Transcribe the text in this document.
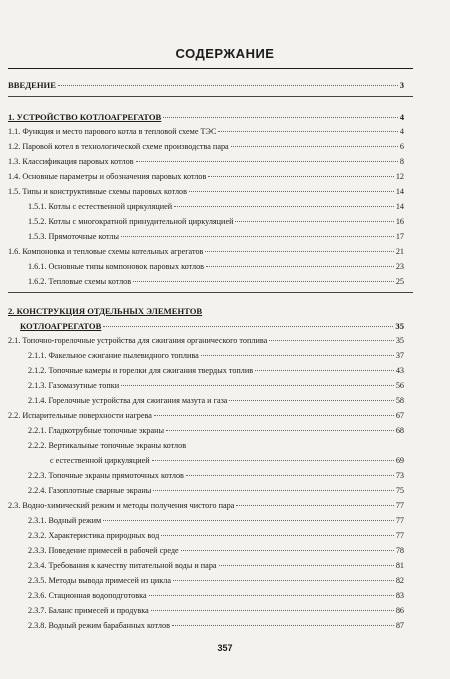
СОДЕРЖАНИЕ
ВВЕДЕНИЕ	3
1. УСТРОЙСТВО КОТЛОАГРЕГАТОВ	4
1.1. Функция и место парового котла в тепловой схеме ТЭС	4
1.2. Паровой котел в технологической схеме производства пара	6
1.3. Классификация паровых котлов	8
1.4. Основные параметры и обозначения паровых котлов	12
1.5. Типы и конструктивные схемы паровых котлов	14
1.5.1. Котлы с естественной циркуляцией	14
1.5.2. Котлы с многократной принудительной циркуляцией	16
1.5.3. Прямоточные котлы	17
1.6. Компоновка и тепловые схемы котельных агрегатов	21
1.6.1. Основные типы компоновок паровых котлов	23
1.6.2. Тепловые схемы котлов	25
2. КОНСТРУКЦИЯ ОТДЕЛЬНЫХ ЭЛЕМЕНТОВ
КОТЛОАГРЕГАТОВ	35
2.1. Топочно-горелочные устройства для сжигания органического топлива	35
2.1.1. Факельное сжигание пылевидного топлива	37
2.1.2. Топочные камеры и горелки для сжигания твердых топлив	43
2.1.3. Газомазутные топки	56
2.1.4. Горелочные устройства для сжигания мазута и газа	58
2.2. Испарительные поверхности нагрева	67
2.2.1. Гладкотрубные топочные экраны	68
2.2.2. Вертикальные топочные экраны котлов
с естественной циркуляцией	69
2.2.3. Топочные экраны прямоточных котлов	73
2.2.4. Газоплотные сварные экраны	75
2.3. Водно-химический режим и методы получения чистого пара	77
2.3.1. Водный режим	77
2.3.2. Характеристика природных вод	77
2.3.3. Поведение примесей в рабочей среде	78
2.3.4. Требования к качеству питательной воды и пара	81
2.3.5. Методы вывода примесей из цикла	82
2.3.6. Стационная водоподготовка	83
2.3.7. Баланс примесей и продувка	86
2.3.8. Водный режим барабанных котлов	87
357
